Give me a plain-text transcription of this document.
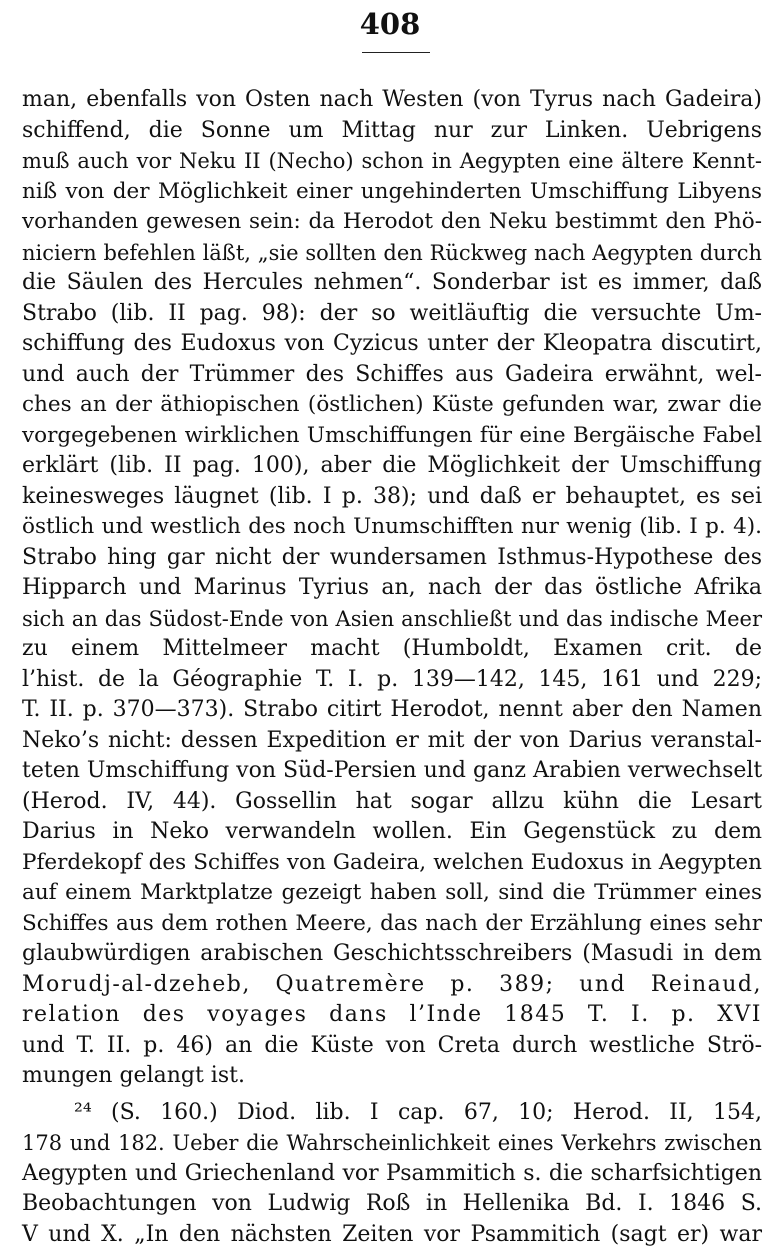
408
man, ebenfalls von Osten nach Westen (von Tyrus nach Gadeira)
schiffend, die Sonne um Mittag nur zur Linken. Uebrigens
muß auch vor Neku II (Necho) schon in Aegypten eine ältere Kennt-
niß von der Möglichkeit einer ungehinderten Umschiffung Libyens
vorhanden gewesen sein: da Herodot den Neku bestimmt den Phö-
niciern befehlen läßt, „sie sollten den Rückweg nach Aegypten durch
die Säulen des Hercules nehmen“. Sonderbar ist es immer, daß
Strabo (lib. II pag. 98): der so weitläuftig die versuchte Um-
schiffung des Eudoxus von Cyzicus unter der Kleopatra discutirt,
und auch der Trümmer des Schiffes aus Gadeira erwähnt, wel-
ches an der äthiopischen (östlichen) Küste gefunden war, zwar die
vorgegebenen wirklichen Umschiffungen für eine Bergäische Fabel
erklärt (lib. II pag. 100), aber die Möglichkeit der Umschiffung
keinesweges läugnet (lib. I p. 38); und daß er behauptet, es sei
östlich und westlich des noch Unumschifften nur wenig (lib. I p. 4).
Strabo hing gar nicht der wundersamen Isthmus-Hypothese des
Hipparch und Marinus Tyrius an, nach der das östliche Afrika
sich an das Südost-Ende von Asien anschließt und das indische Meer
zu einem Mittelmeer macht (Humboldt, Examen crit. de
l’hist. de la Géographie T. I. p. 139—142, 145, 161 und 229;
T. II. p. 370—373). Strabo citirt Herodot, nennt aber den Namen
Neko’s nicht: dessen Expedition er mit der von Darius veranstal-
teten Umschiffung von Süd-Persien und ganz Arabien verwechselt
(Herod. IV, 44). Gossellin hat sogar allzu kühn die Lesart
Darius in Neko verwandeln wollen. Ein Gegenstück zu dem
Pferdekopf des Schiffes von Gadeira, welchen Eudoxus in Aegypten
auf einem Marktplatze gezeigt haben soll, sind die Trümmer eines
Schiffes aus dem rothen Meere, das nach der Erzählung eines sehr
glaubwürdigen arabischen Geschichtsschreibers (Masudi in dem
Morudj-al-dzeheb, Quatremère p. 389; und Reinaud,
relation des voyages dans l’Inde 1845 T. I. p. XVI
und T. II. p. 46) an die Küste von Creta durch westliche Strö-
mungen gelangt ist.
²⁴ (S. 160.) Diod. lib. I cap. 67, 10; Herod. II, 154,
178 und 182. Ueber die Wahrscheinlichkeit eines Verkehrs zwischen
Aegypten und Griechenland vor Psammitich s. die scharfsichtigen
Beobachtungen von Ludwig Roß in Hellenika Bd. I. 1846 S.
V und X. „In den nächsten Zeiten vor Psammitich (sagt er) war
